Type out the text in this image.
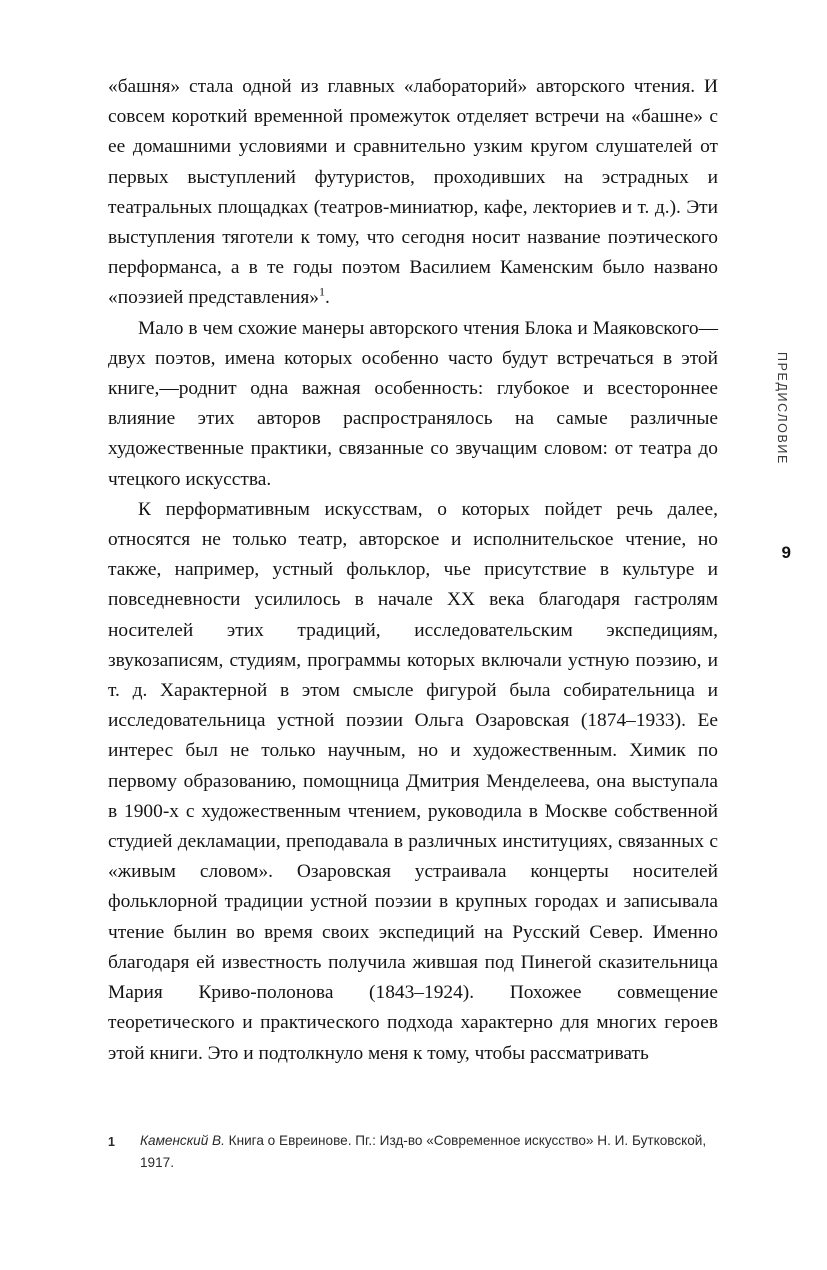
«башня» стала одной из главных «лабораторий» авторского чтения. И совсем короткий временной промежуток отделяет встречи на «башне» с ее домашними условиями и сравнительно узким кругом слушателей от первых выступлений футуристов, проходивших на эстрадных и театральных площадках (театров-миниатюр, кафе, лекториев и т. д.). Эти выступления тяготели к тому, что сегодня носит название поэтического перформанса, а в те годы поэтом Василием Каменским было названо «поэзией представления»$^1$.

Мало в чем схожие манеры авторского чтения Блока и Маяковского—двух поэтов, имена которых особенно часто будут встречаться в этой книге,—роднит одна важная особенность: глубокое и всестороннее влияние этих авторов распространялось на самые различные художественные практики, связанные со звучащим словом: от театра до чтецкого искусства.

К перформативным искусствам, о которых пойдет речь далее, относятся не только театр, авторское и исполнительское чтение, но также, например, устный фольклор, чье присутствие в культуре и повседневности усилилось в начале XX века благодаря гастролям носителей этих традиций, исследовательским экспедициям, звукозаписям, студиям, программы которых включали устную поэзию, и т. д. Характерной в этом смысле фигурой была собирательница и исследовательница устной поэзии Ольга Озаровская (1874–1933). Ее интерес был не только научным, но и художественным. Химик по первому образованию, помощница Дмитрия Менделеева, она выступала в 1900-х с художественным чтением, руководила в Москве собственной студией декламации, преподавала в различных институциях, связанных с «живым словом». Озаровская устраивала концерты носителей фольклорной традиции устной поэзии в крупных городах и записывала чтение былин во время своих экспедиций на Русский Север. Именно благодаря ей известность получила жившая под Пинегой сказительница Мария Криво-полонова (1843–1924). Похожее совмещение теоретического и практического подхода характерно для многих героев этой книги. Это и подтолкнуло меня к тому, чтобы рассматривать

ПРЕДИСЛОВИЕ
9
1	Каменский В. Книга о Евреинове. Пг.: Изд-во «Современное искусство» Н. И. Бутковской, 1917.
